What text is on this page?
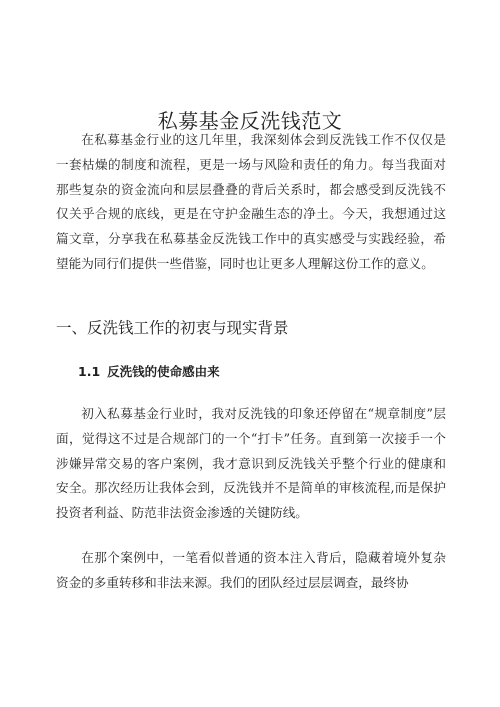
私募基金反洗钱范文

在私募基金行业的这几年里，我深刻体会到反洗钱工作不仅仅是一套枯燥的制度和流程，更是一场与风险和责任的角力。每当我面对那些复杂的资金流向和层层叠叠的背后关系时，都会感受到反洗钱不仅关乎合规的底线，更是在守护金融生态的净土。今天，我想通过这篇文章，分享我在私募基金反洗钱工作中的真实感受与实践经验，希望能为同行们提供一些借鉴，同时也让更多人理解这份工作的意义。

一、反洗钱工作的初衷与现实背景
1.1 反洗钱的使命感由来

初入私募基金行业时，我对反洗钱的印象还停留在“规章制度”层面，觉得这不过是合规部门的一个“打卡”任务。直到第一次接手一个涉嫌异常交易的客户案例，我才意识到反洗钱关乎整个行业的健康和安全。那次经历让我体会到，反洗钱并不是简单的审核流程,而是保护投资者利益、防范非法资金渗透的关键防线。

在那个案例中，一笔看似普通的资本注入背后，隐藏着境外复杂资金的多重转移和非法来源。我们的团队经过层层调查，最终协
